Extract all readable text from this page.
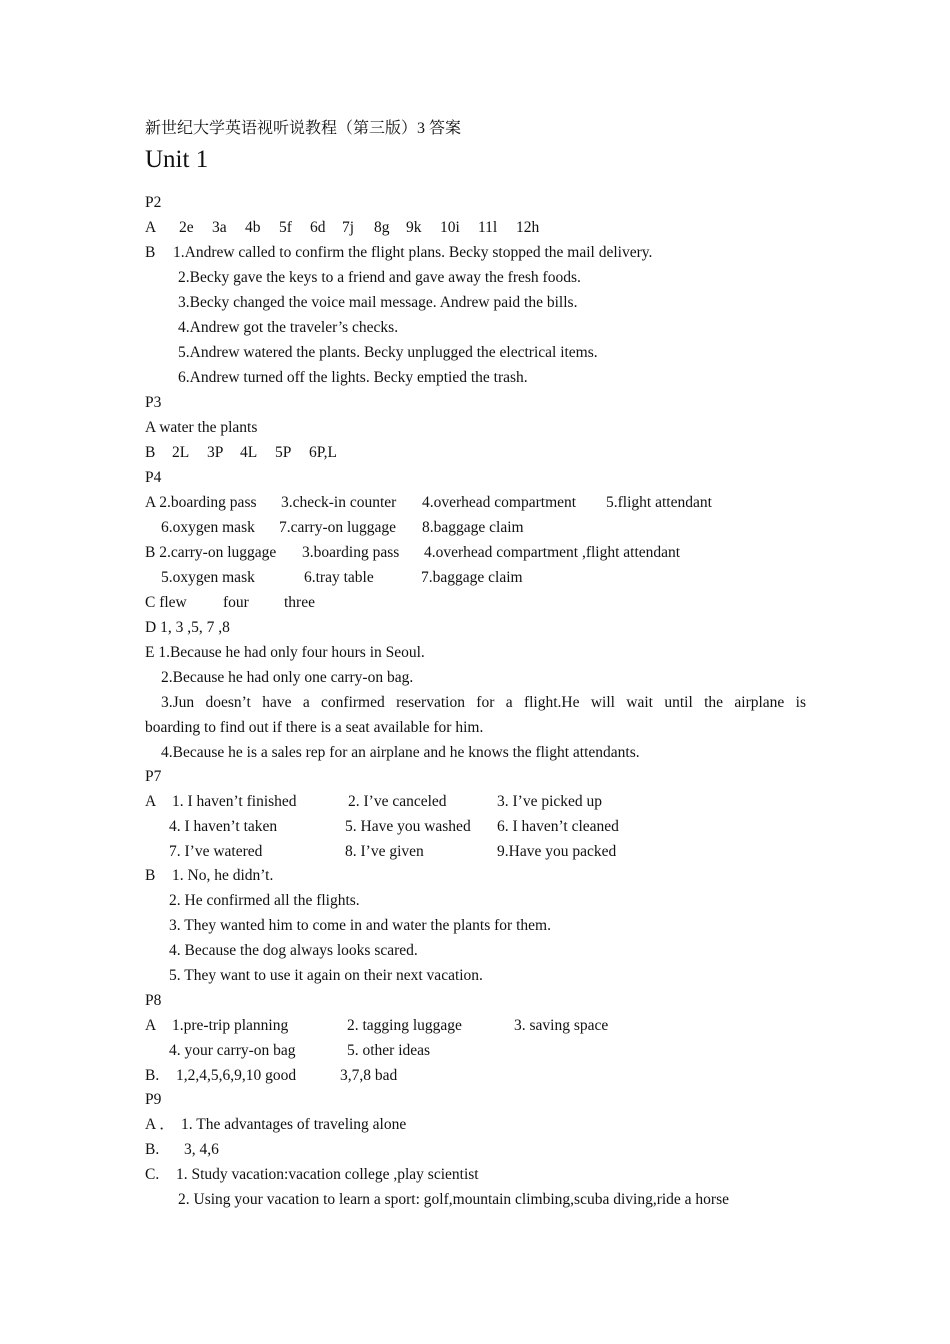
新世纪大学英语视听说教程（第三版）3 答案
Unit 1
P2
A 2e 3a 4b 5f 6d 7j 8g 9k 10i 11l 12h
B 1.Andrew called to confirm the flight plans. Becky stopped the mail delivery.
2.Becky gave the keys to a friend and gave away the fresh foods.
3.Becky changed the voice mail message. Andrew paid the bills.
4.Andrew got the traveler’s checks.
5.Andrew watered the plants. Becky unplugged the electrical items.
6.Andrew turned off the lights. Becky emptied the trash.
P3
A water the plants
B 2L 3P 4L 5P 6P,L
P4
A 2.boarding pass 3.check-in counter 4.overhead compartment 5.flight attendant
6.oxygen mask 7.carry-on luggage 8.baggage claim
B 2.carry-on luggage 3.boarding pass 4.overhead compartment ,flight attendant
5.oxygen mask	6.tray table	7.baggage claim
C flew four three
D 1, 3 ,5, 7 ,8
E 1.Because he had only four hours in Seoul.
2.Because he had only one carry-on bag.
3.Jun doesn’t have a confirmed reservation for a flight.He will wait until the airplane is
boarding to find out if there is a seat available for him.
4.Because he is a sales rep for an airplane and he knows the flight attendants.
P7
A 1. I haven’t finished	2. I’ve canceled	3. I’ve picked up
4. I haven’t taken	5. Have you washed 6. I haven’t cleaned
7. I’ve watered	8. I’ve given	9.Have you packed
B 1. No, he didn’t.
2. He confirmed all the flights.
3. They wanted him to come in and water the plants for them.
4. Because the dog always looks scared.
5. They want to use it again on their next vacation.
P8
A 1.pre-trip planning	2. tagging luggage	3. saving space
4. your carry-on bag	5. other ideas
B. 1,2,4,5,6,9,10 good	3,7,8 bad
P9
A ． 1. The advantages of traveling alone
B. 3, 4,6
C. 1. Study vacation:vacation college ,play scientist
2. Using your vacation to learn a sport: golf,mountain climbing,scuba diving,ride a horse
